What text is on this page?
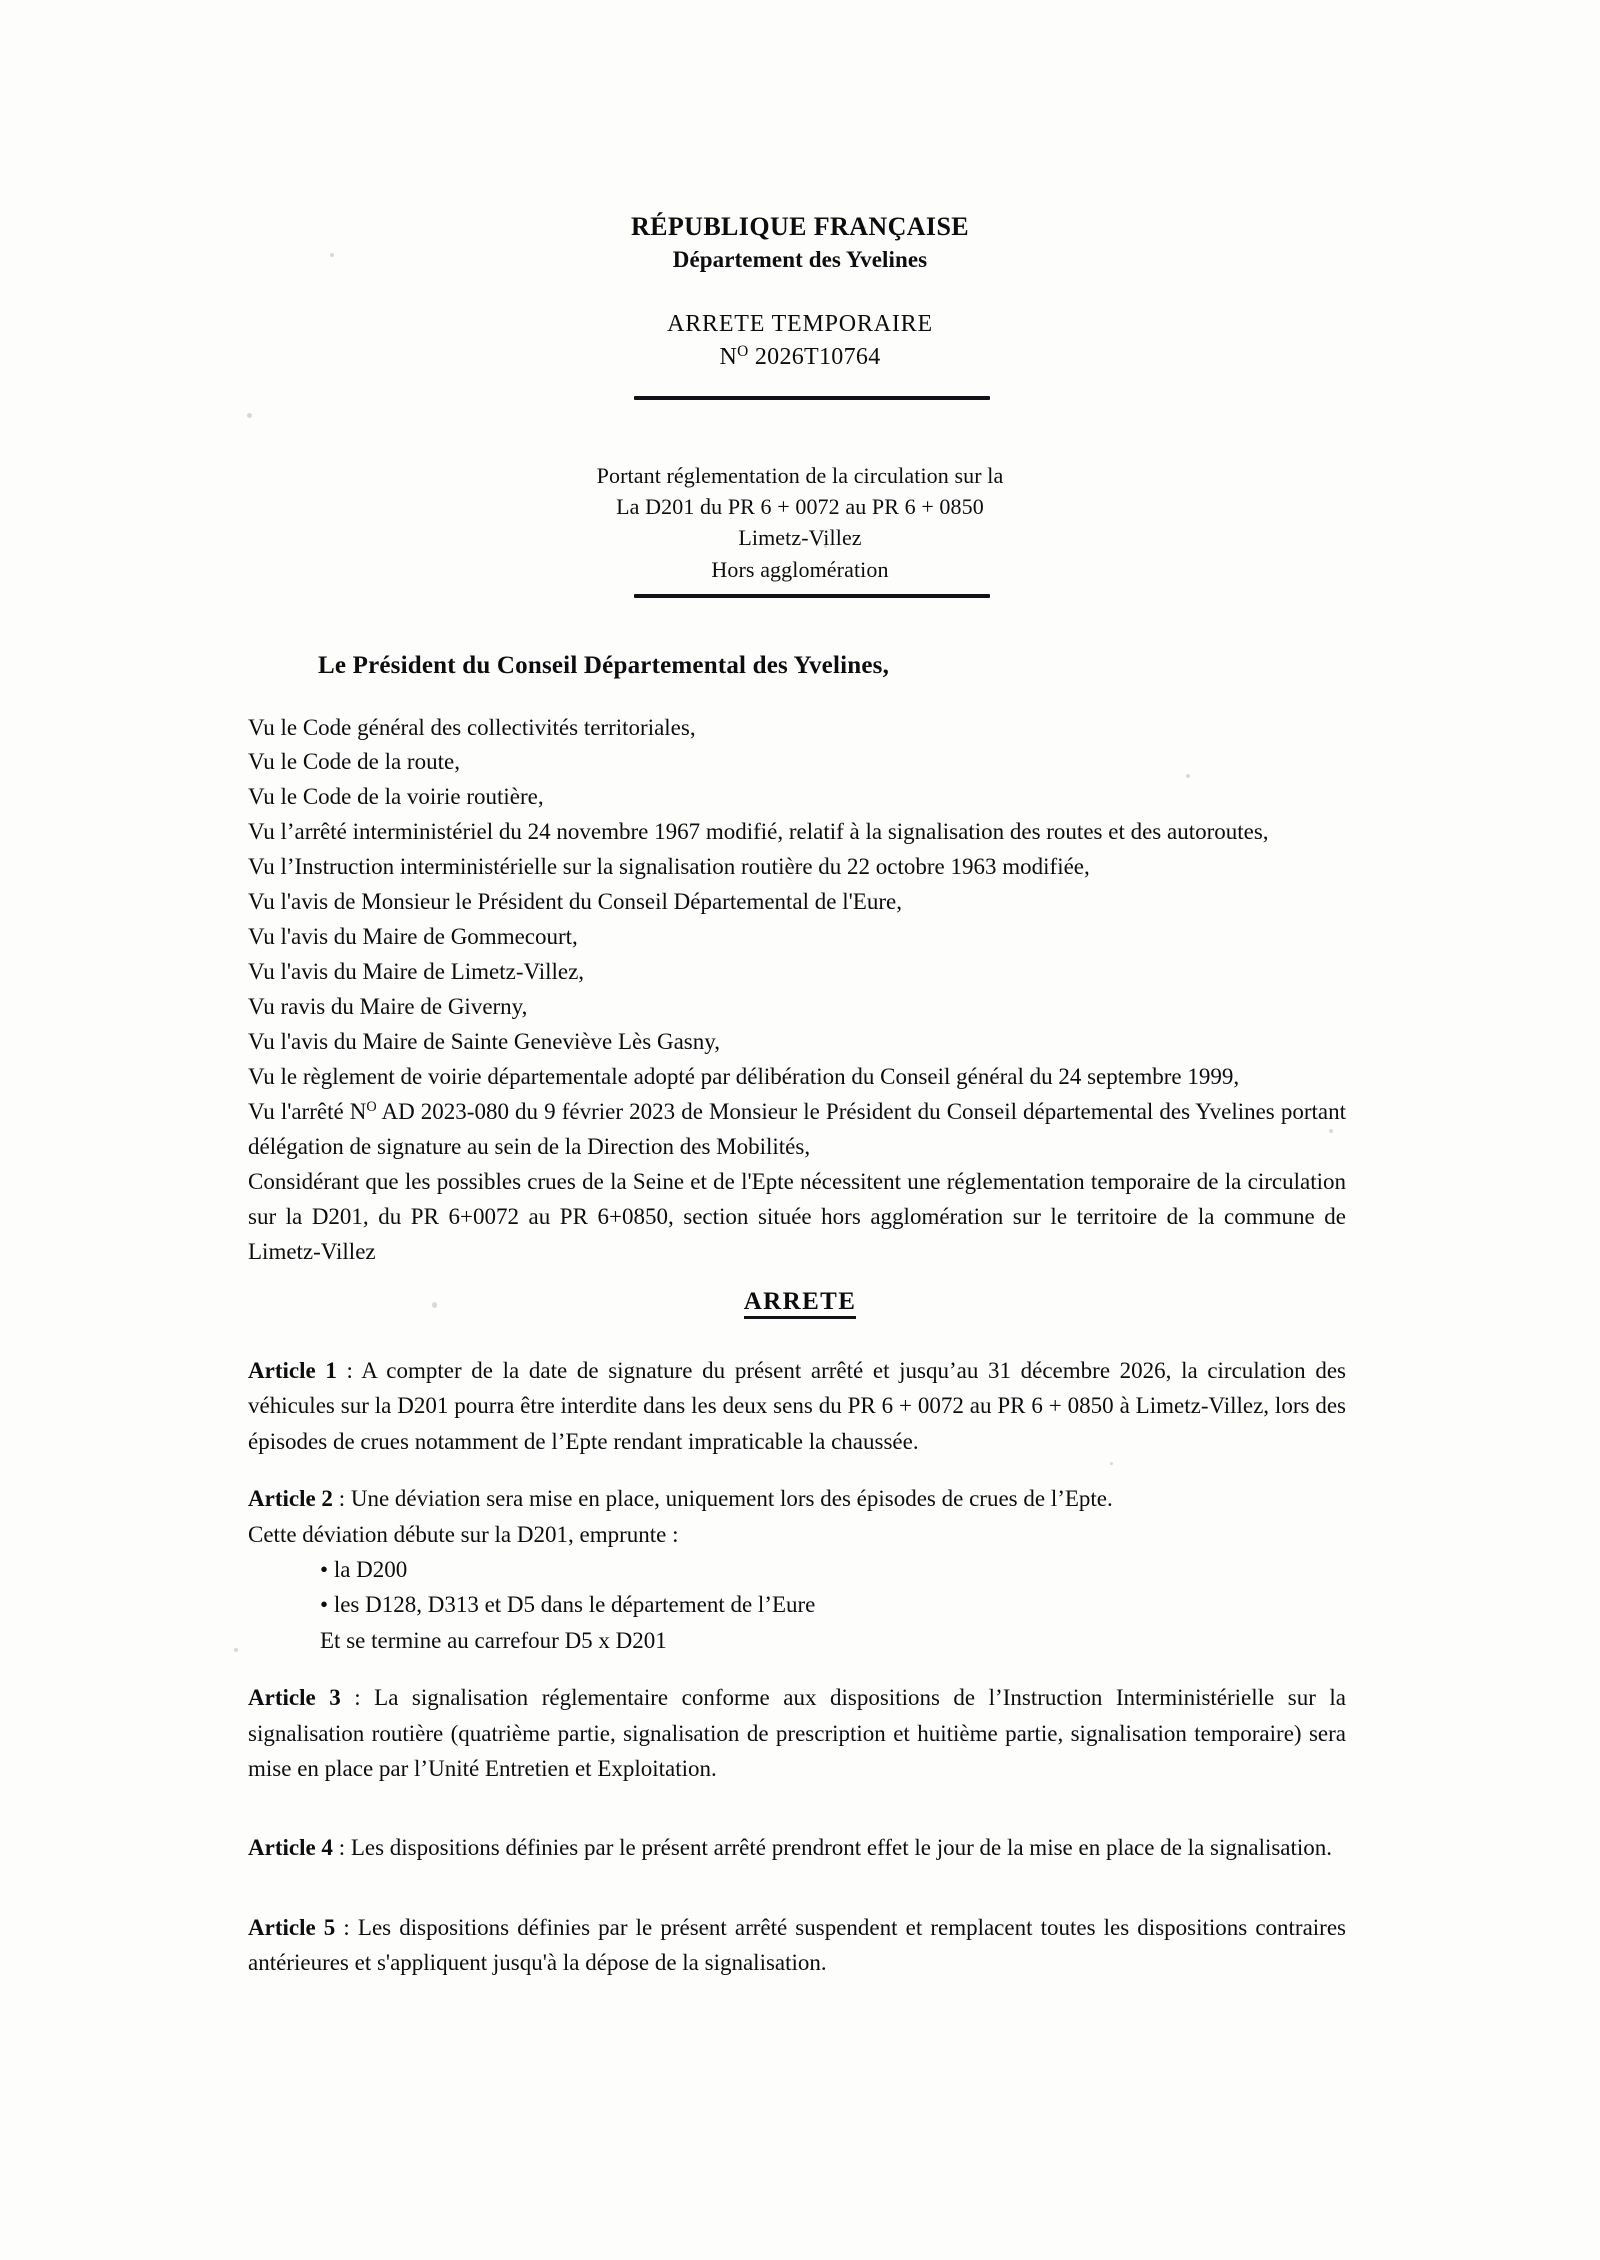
RÉPUBLIQUE FRANÇAISE
Département des Yvelines
ARRETE TEMPORAIRE
$N^O$ 2026T10764
Portant réglementation de la circulation sur la
La D201 du PR 6 + 0072 au PR 6 + 0850
Limetz-Villez
Hors agglomération
Le Président du Conseil Départemental des Yvelines,

Vu le Code général des collectivités territoriales,

Vu le Code de la route,

Vu le Code de la voirie routière,

Vu l’arrêté interministériel du 24 novembre 1967 modifié, relatif à la signalisation des routes et des autoroutes,

Vu l’Instruction interministérielle sur la signalisation routière du 22 octobre 1963 modifiée,

Vu l'avis de Monsieur le Président du Conseil Départemental de l'Eure,

Vu l'avis du Maire de Gommecourt,

Vu l'avis du Maire de Limetz-Villez,

Vu ravis du Maire de Giverny,

Vu l'avis du Maire de Sainte Geneviève Lès Gasny,

Vu le règlement de voirie départementale adopté par délibération du Conseil général du 24 septembre 1999,

Vu l'arrêté $N^O$ AD 2023-080 du 9 février 2023 de Monsieur le Président du Conseil départemental des Yvelines portant délégation de signature au sein de la Direction des Mobilités,

Considérant que les possibles crues de la Seine et de l'Epte nécessitent une réglementation temporaire de la circulation sur la D201, du PR 6+0072 au PR 6+0850, section située hors agglomération sur le territoire de la commune de Limetz-Villez

ARRETE

Article 1 : A compter de la date de signature du présent arrêté et jusqu’au 31 décembre 2026, la circulation des véhicules sur la D201 pourra être interdite dans les deux sens du PR 6 + 0072 au PR 6 + 0850 à Limetz-Villez, lors des épisodes de crues notamment de l’Epte rendant impraticable la chaussée.

Article 2 : Une déviation sera mise en place, uniquement lors des épisodes de crues de l’Epte.

Cette déviation débute sur la D201, emprunte :

• la D200
• les D128, D313 et D5 dans le département de l’Eure
Et se termine au carrefour D5 x D201

Article 3 : La signalisation réglementaire conforme aux dispositions de l’Instruction Interministérielle sur la signalisation routière (quatrième partie, signalisation de prescription et huitième partie, signalisation temporaire) sera mise en place par l’Unité Entretien et Exploitation.

Article 4 : Les dispositions définies par le présent arrêté prendront effet le jour de la mise en place de la signalisation.

Article 5 : Les dispositions définies par le présent arrêté suspendent et remplacent toutes les dispositions contraires antérieures et s'appliquent jusqu'à la dépose de la signalisation.
